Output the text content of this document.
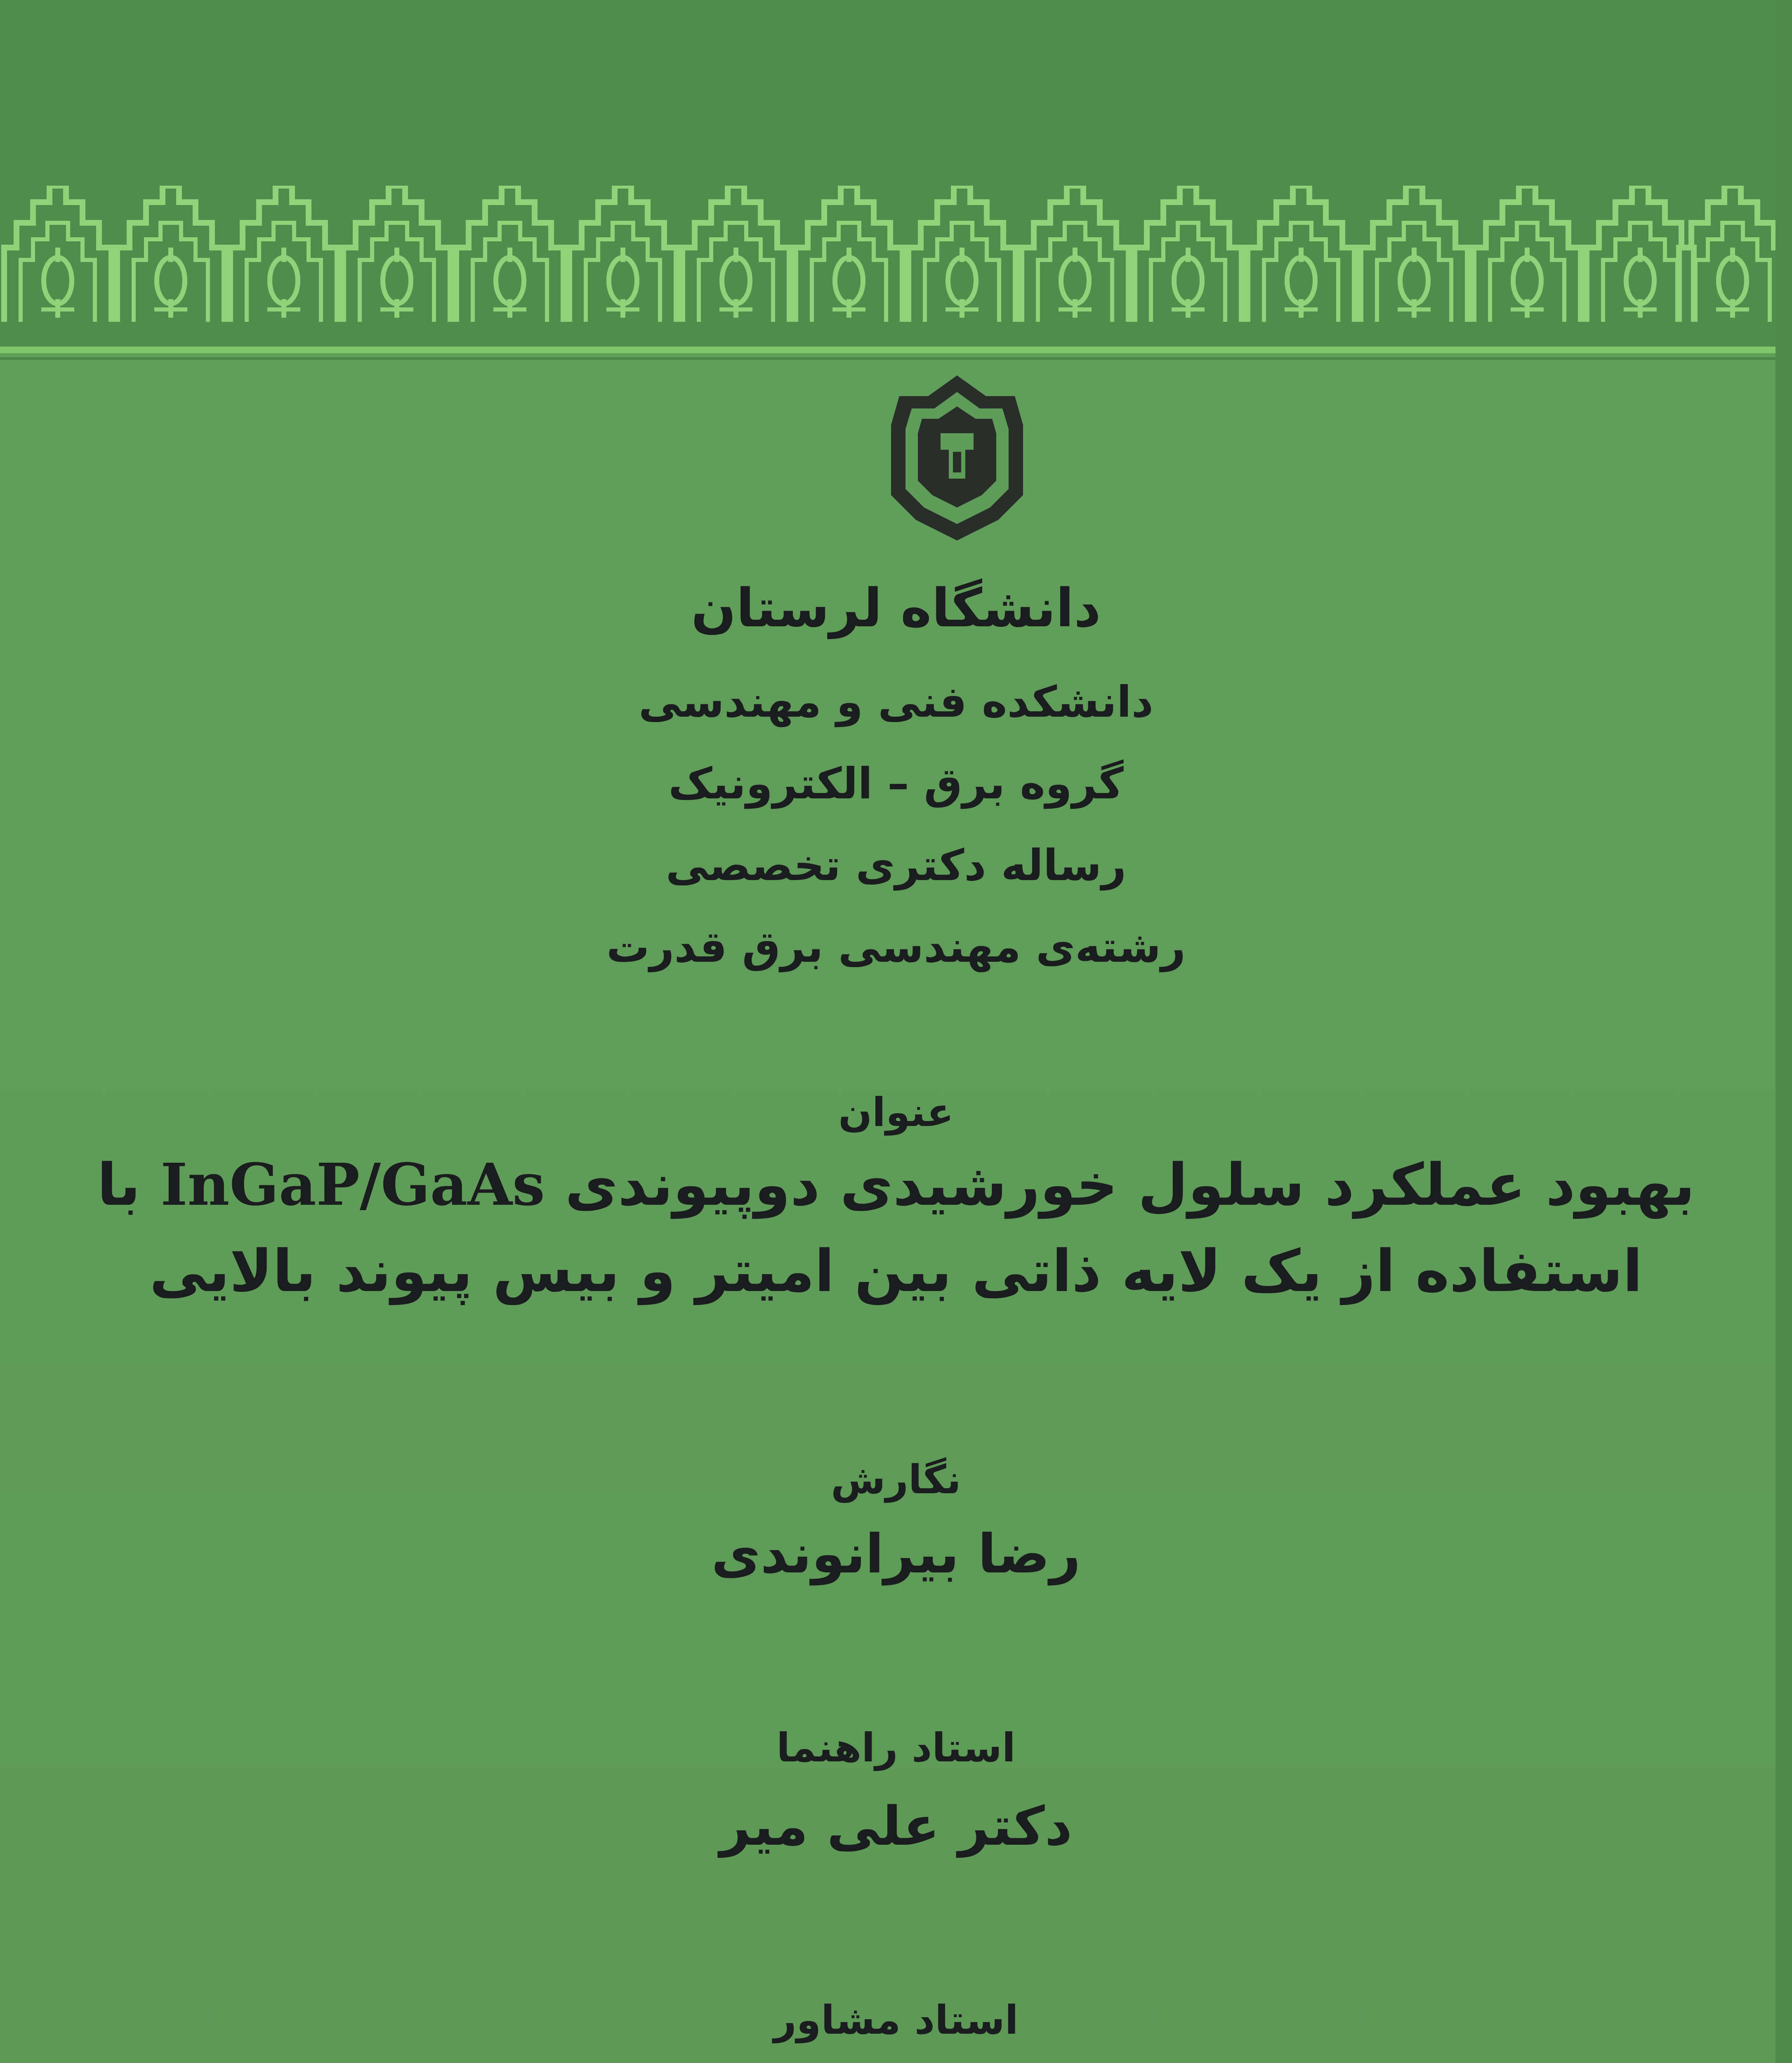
دانشگاه لرستان
دانشکده فنی و مهندسی
گروه برق – الکترونیک
رساله دکتری تخصصی
رشته‌ی مهندسی برق قدرت
عنوان
بهبود عملکرد سلول خورشیدی دوپیوندی InGaP/GaAs با
استفاده از یک لایه ذاتی بین امیتر و بیس پیوند بالایی
نگارش
رضا بیرانوندی
استاد راهنما
دکتر علی میر
استاد مشاور
